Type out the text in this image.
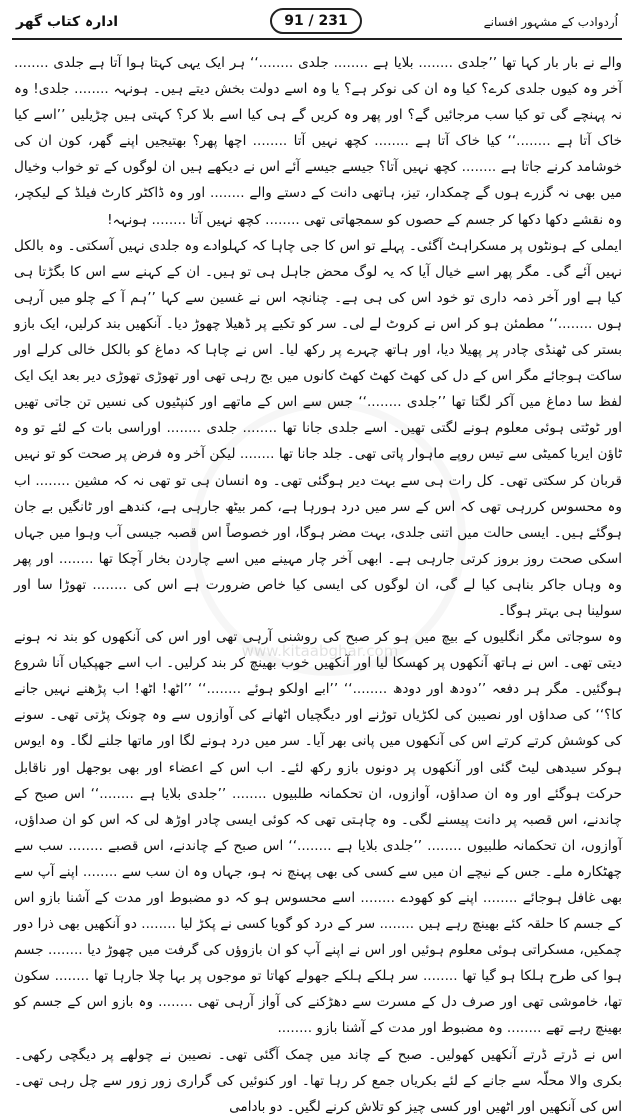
ادارہ کتاب گھر	91 / 231	اُردوادب کے مشہور افسانے
www.kitaabghar.com

والے نے بار بار کہا تھا ’’جلدی ........ بلایا ہے ........ جلدی ........‘‘ ہر ایک یہی کہتا ہوا آتا ہے جلدی ........ آخر وہ کیوں جلدی کرے؟ کیا وہ ان کی نوکر ہے؟ یا وہ اسے دولت بخش دیتے ہیں۔ ہونہہ ........ جلدی! وہ نہ پہنچے گی تو کیا سب مرجائیں گے؟ اور پھر وہ کریں گے ہی کیا اسے بلا کر؟ کہتی ہیں چڑیلیں ’’اسے کیا خاک آتا ہے ........‘‘ کیا خاک آتا ہے ........ کچھ نہیں آتا ........ اچھا پھر؟ بھتیجیں اپنے گھر، کون ان کی خوشامد کرنے جاتا ہے ........ کچھ نہیں آتا؟ جیسے جیسے آئے اس نے دیکھے ہیں ان لوگوں کے تو خواب وخیال میں بھی نہ گزرے ہوں گے چمکدار، تیز، ہاتھی دانت کے دستے والے ........ اور وہ ڈاکٹر کارٹ فیلڈ کے لیکچر، وہ نقشے دکھا دکھا کر جسم کے حصوں کو سمجھاتی تھی ........ کچھ نہیں آتا ........ ہونہہ!

ایملی کے ہونٹوں پر مسکراہٹ آگئی۔ پہلے تو اس کا جی چاہا کہ کہلوادے وہ جلدی نہیں آسکتی۔ وہ بالکل نہیں آئے گی۔ مگر پھر اسے خیال آیا کہ یہ لوگ محض جاہل ہی تو ہیں۔ ان کے کہنے سے اس کا بگڑتا ہی کیا ہے اور آخر ذمہ داری تو خود اس کی ہی ہے۔ چنانچہ اس نے غسین سے کہا ’’ہم آ کے چلو میں آرہی ہوں ........‘‘ مطمئن ہو کر اس نے کروٹ لے لی۔ سر کو تکیے پر ڈھیلا چھوڑ دیا۔ آنکھیں بند کرلیں، ایک بازو بستر کی ٹھنڈی چادر پر پھیلا دیا، اور ہاتھ چہرے پر رکھ لیا۔ اس نے چاہا کہ دماغ کو بالکل خالی کرلے اور ساکت ہوجائے مگر اس کے دل کی کھٹ کھٹ کھٹ کانوں میں بج رہی تھی اور تھوڑی تھوڑی دیر بعد ایک ایک لفظ سا دماغ میں آکر لگتا تھا ’’جلدی ........‘‘ جس سے اس کے ماتھے اور کنپٹیوں کی نسیں تن جاتی تھیں اور ٹوٹتی ہوئی معلوم ہونے لگتی تھیں۔ اسے جلدی جانا تھا ........ جلدی ........ اوراسی بات کے لئے تو وہ ٹاؤن ایریا کمیٹی سے تیس روپے ماہوار پاتی تھی۔ جلد جانا تھا ........ لیکن آخر وہ فرض پر صحت کو تو نہیں قربان کر سکتی تھی۔ کل رات ہی سے بہت دیر ہوگئی تھی۔ وہ انسان ہی تو تھی نہ کہ مشین ........ اب وہ محسوس کررہی تھی کہ اس کے سر میں درد ہورہا ہے، کمر بیٹھ جارہی ہے، کندھے اور ٹانگیں بے جان ہوگئے ہیں۔ ایسی حالت میں اتنی جلدی، بہت مضر ہوگا، اور خصوصاً اس قصبہ جیسی آب وہوا میں جہاں اسکی صحت روز بروز کرتی جارہی ہے۔ ابھی آخر چار مہینے میں اسے چاردن بخار آچکا تھا ........ اور پھر وہ وہاں جاکر بناہی کیا لے گی، ان لوگوں کی ایسی کیا خاص ضرورت ہے اس کی ........ تھوڑا سا اور سولینا ہی بہتر ہوگا۔

وہ سوجاتی مگر انگلیوں کے بیچ میں ہو کر صبح کی روشنی آرہی تھی اور اس کی آنکھوں کو بند نہ ہونے دیتی تھی۔ اس نے ہاتھ آنکھوں پر کھسکا لیا اور آنکھیں خوب بھینچ کر بند کرلیں۔ اب اسے جھپکیاں آنا شروع ہوگئیں۔ مگر ہر دفعہ ’’دودھ اور دودھ ........‘‘ ’’ابے اولکو ہوئے ........‘‘ ’’اٹھ! اٹھ! اب پڑھنے نہیں جانے کا؟‘‘ کی صداؤں اور نصیبن کی لکڑیاں توڑنے اور دیگچیاں اٹھانے کی آوازوں سے وہ چونک پڑتی تھی۔ سونے کی کوشش کرتے کرتے اس کی آنکھوں میں پانی بھر آیا۔ سر میں درد ہونے لگا اور ماتھا جلنے لگا۔ وہ ایوس ہوکر سیدھی لیٹ گئی اور آنکھوں پر دونوں بازو رکھ لئے۔ اب اس کے اعضاء اور بھی بوجھل اور ناقابل حرکت ہوگئے اور وہ ان صداؤں، آوازوں، ان تحکمانہ طلبیوں ........ ’’جلدی بلایا ہے ........‘‘ اس صبح کے چاندنے، اس قصبہ پر دانت پیسنے لگی۔ وہ چاہتی تھی کہ کوئی ایسی چادر اوڑھ لی کہ اس کو ان صداؤں، آوازوں، ان تحکمانہ طلبیوں ........ ’’جلدی بلایا ہے ........‘‘ اس صبح کے چاندنے، اس قصبے ........ سب سے چھٹکارہ ملے۔ جس کے نیچے ان میں سے کسی کی بھی پہنچ نہ ہو، جہاں وہ ان سب سے ........ اپنے آپ سے بھی غافل ہوجائے ........ اپنے کو کھودے ........ اسے محسوس ہو کہ دو مضبوط اور مدت کے آشنا بازو اس کے جسم کا حلقہ کئے بھینچ رہے ہیں ........ سر کے درد کو گویا کسی نے پکڑ لیا ........ دو آنکھیں بھی ذرا دور چمکیں، مسکراتی ہوئی معلوم ہوئیں اور اس نے اپنے آپ کو ان بازوؤں کی گرفت میں چھوڑ دیا ........ جسم ہوا کی طرح ہلکا ہو گیا تھا ........ سر ہلکے ہلکے جھولے کھاتا تو موجوں پر بہا چلا جارہا تھا ........ سکون تھا، خاموشی تھی اور صرف دل کے مسرت سے دھڑکنے کی آواز آرہی تھی ........ وہ بازو اس کے جسم کو بھینچ رہے تھے ........ وہ مضبوط اور مدت کے آشنا بازو ........

اس نے ڈرتے ڈرتے آنکھیں کھولیں۔ صبح کے چاند میں چمک آگئی تھی۔ نصیبن نے چولھے پر دیگچی رکھی۔ بکری والا محلّہ سے جانے کے لئے بکریاں جمع کر رہا تھا۔ اور کنوئیں کی گراری زور زور سے چل رہی تھی۔ اس کی آنکھیں اور اٹھیں اور کسی چیز کو تلاش کرنے لگیں۔ دو بادامی
